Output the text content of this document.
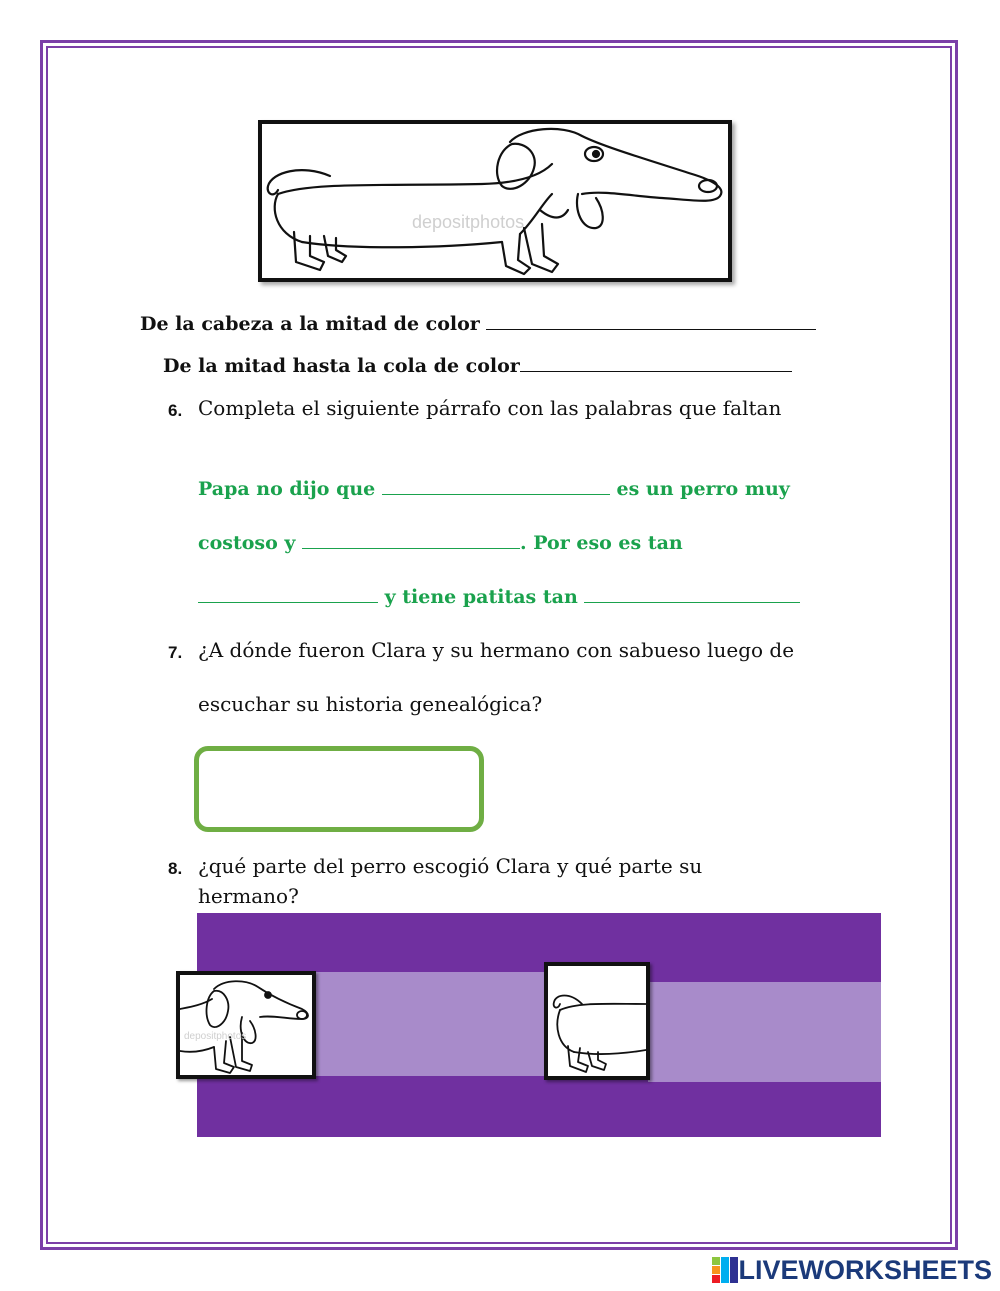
depositphotos
De la cabeza a la mitad de color
De la mitad hasta la cola de color
6. Completa el siguiente párrafo con las palabras que faltan
Papa no dijo que	es un perro muy
costoso y	. Por eso es tan
y tiene patitas tan
7. ¿A dónde fueron Clara y su hermano con sabueso luego de
escuchar su historia genealógica?
8. ¿qué parte del perro escogió Clara y qué parte su
hermano?
depositphotos
LIVEWORKSHEETS
